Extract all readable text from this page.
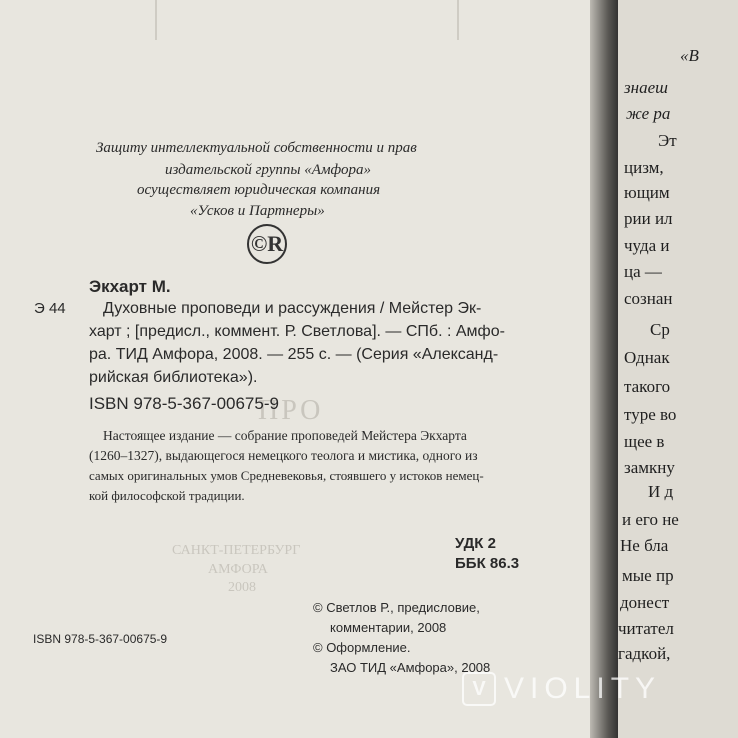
ПРО
САНКТ-ПЕТЕРБУРГ
АМФОРА
2008
Защиту интеллектуальной собственности и прав
издательской группы «Амфора»
осуществляет юридическая компания
«Усков и Партнеры»
©R
Экхарт М.
Э 44 Духовные проповеди и рассуждения / Мейстер Эк-
харт ; [предисл., коммент. Р. Светлова]. — СПб. : Амфо-
ра. ТИД Амфора, 2008. — 255 с. — (Серия «Александ-
рийская библиотека»).
ISBN 978-5-367-00675-9
Настоящее издание — собрание проповедей Мейстера Экхарта
(1260–1327), выдающегося немецкого теолога и мистика, одного из
самых оригинальных умов Средневековья, стоявшего у истоков немец-
кой философской традиции.
УДК 2
ББК 86.3
ISBN 978-5-367-00675-9
© Светлов Р., предисловие,
комментарии, 2008
© Оформление.
ЗАО ТИД «Амфора», 2008
«В
знаеш
же ра
Эт
цизм,
ющим
рии ил
чуда и
ца —
сознан
Ср
Однак
такого
туре во
щее в
замкну
И д
и его не
Не бла
мые пр
донест
читател
гадкой,
V VIOLITY
